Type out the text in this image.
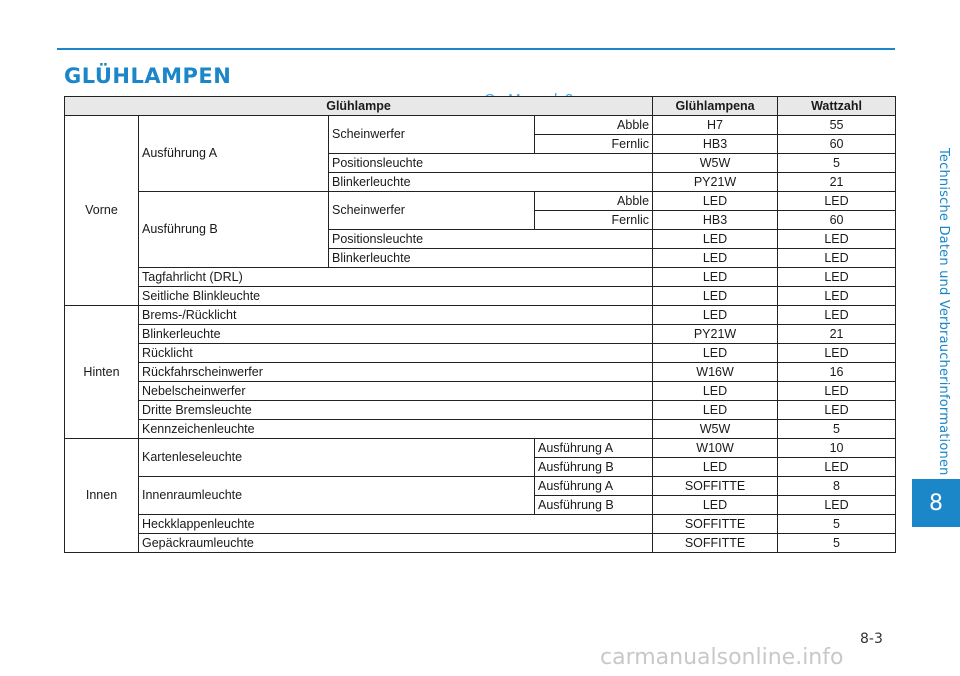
GLÜHLAMPEN
Glühlampe				Glühlampena	Wattzahl
Vorne	Ausführung A	Scheinwerfer	Abble	H7	55
			Fernlic	HB3	60
		Positionsleuchte		W5W	5
		Blinkerleuchte		PY21W	21
	Ausführung B	Scheinwerfer	Abble	LED	LED
			Fernlic	HB3	60
		Positionsleuchte		LED	LED
		Blinkerleuchte		LED	LED
	Tagfahrlicht (DRL)			LED	LED
	Seitliche Blinkleuchte			LED	LED
Hinten	Brems-/Rücklicht			LED	LED
	Blinkerleuchte			PY21W	21
	Rücklicht			LED	LED
	Rückfahrscheinwerfer			W16W	16
	Nebelscheinwerfer			LED	LED
	Dritte Bremsleuchte			LED	LED
	Kennzeichenleuchte			W5W	5
Innen	Kartenleseleuchte		Ausführung A	W10W	10
			Ausführung B	LED	LED
	Innenraumleuchte		Ausführung A	SOFFITTE	8
			Ausführung B	LED	LED
	Heckklappenleuchte			SOFFITTE	5
	Gepäckraumleuchte			SOFFITTE	5
Technische Daten und Verbraucherinformationen
8
8-3
carmanualsonline.info
